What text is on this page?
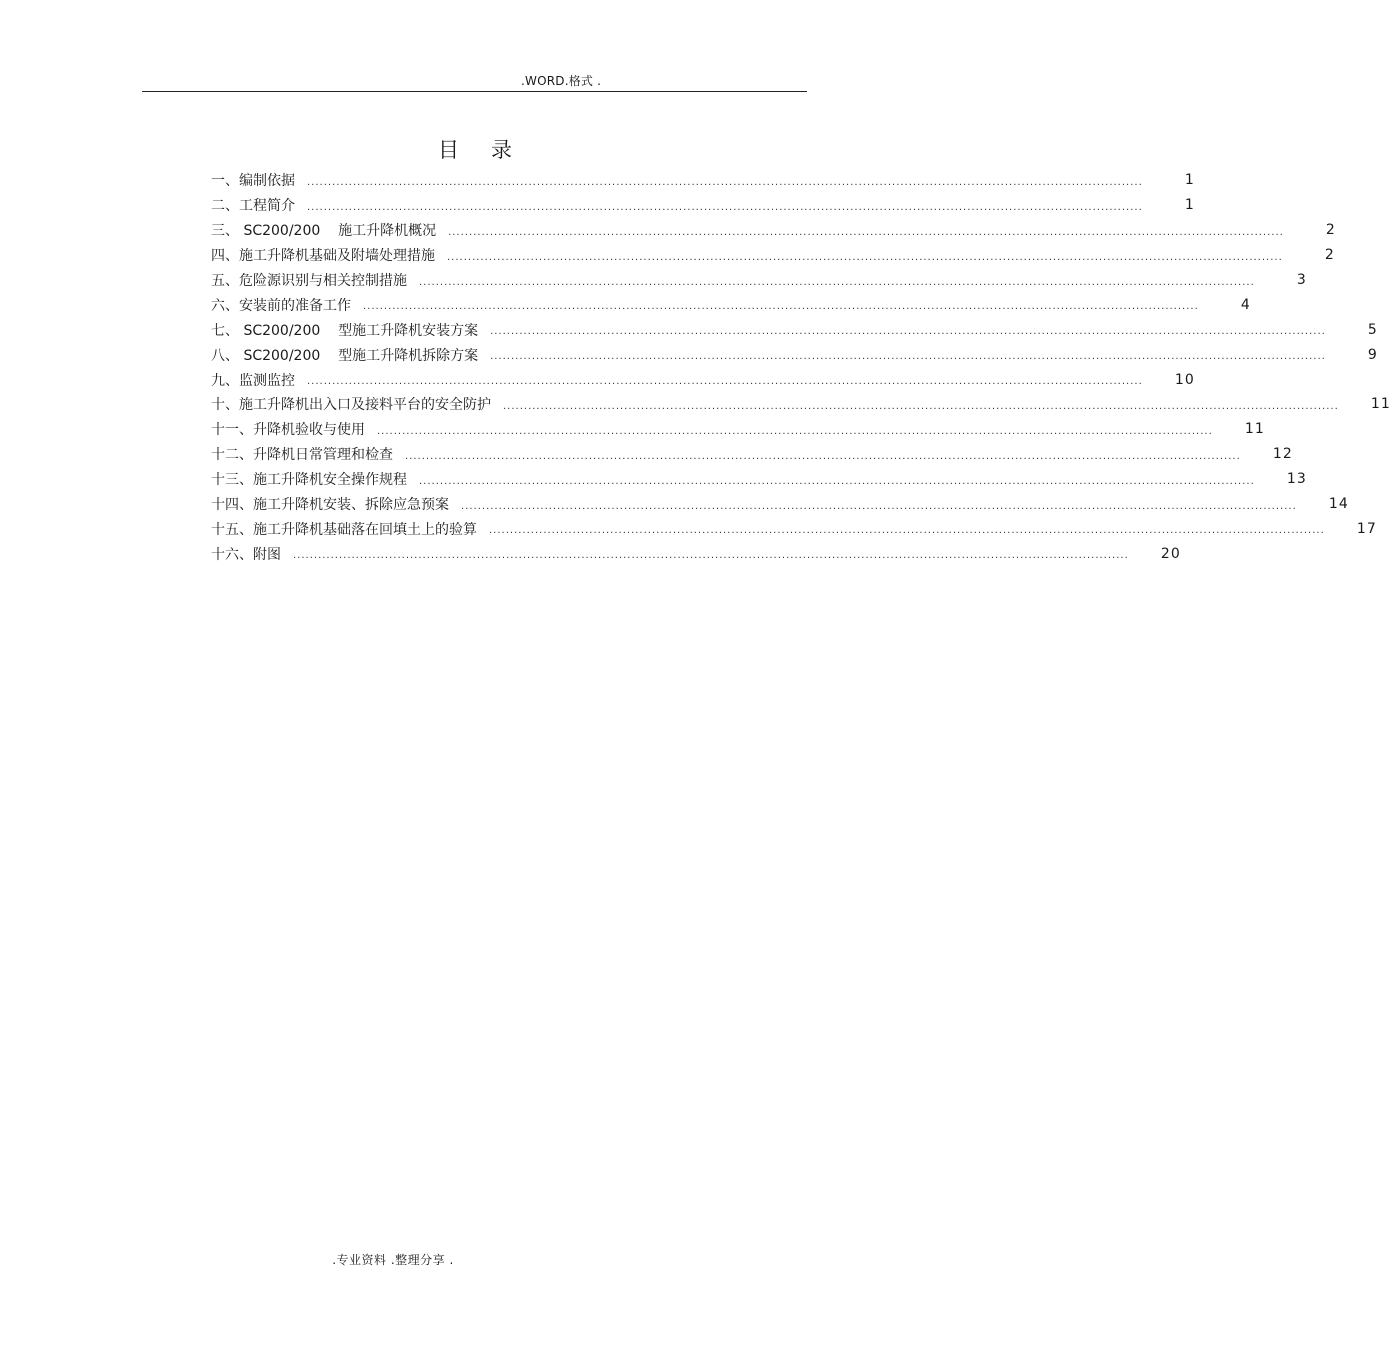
.WORD.格式 .
目录
一、编制依据 ........................................................................................................................................................................................................	1
二、工程简介 ........................................................................................................................................................................................................	1
三、 SC200/200    施工升降机概况 ........................................................................................................................................................................................................	2
四、施工升降机基础及附墙处理措施 ........................................................................................................................................................................................................	2
五、危险源识别与相关控制措施 ........................................................................................................................................................................................................	3
六、安装前的准备工作 ........................................................................................................................................................................................................	4
七、 SC200/200    型施工升降机安装方案 ........................................................................................................................................................................................................	5
八、 SC200/200    型施工升降机拆除方案 ........................................................................................................................................................................................................	9
九、监测监控 ........................................................................................................................................................................................................ 10
十、施工升降机出入口及接料平台的安全防护 ........................................................................................................................................................................................................ 11
十一、升降机验收与使用 ........................................................................................................................................................................................................ 11
十二、升降机日常管理和检查 ........................................................................................................................................................................................................ 12
十三、施工升降机安全操作规程 ........................................................................................................................................................................................................ 13
十四、施工升降机安装、拆除应急预案 ........................................................................................................................................................................................................ 14
十五、施工升降机基础落在回填土上的验算 ........................................................................................................................................................................................................ 17
十六、附图 ........................................................................................................................................................................................................ 20
.专业资料 .整理分享 .
